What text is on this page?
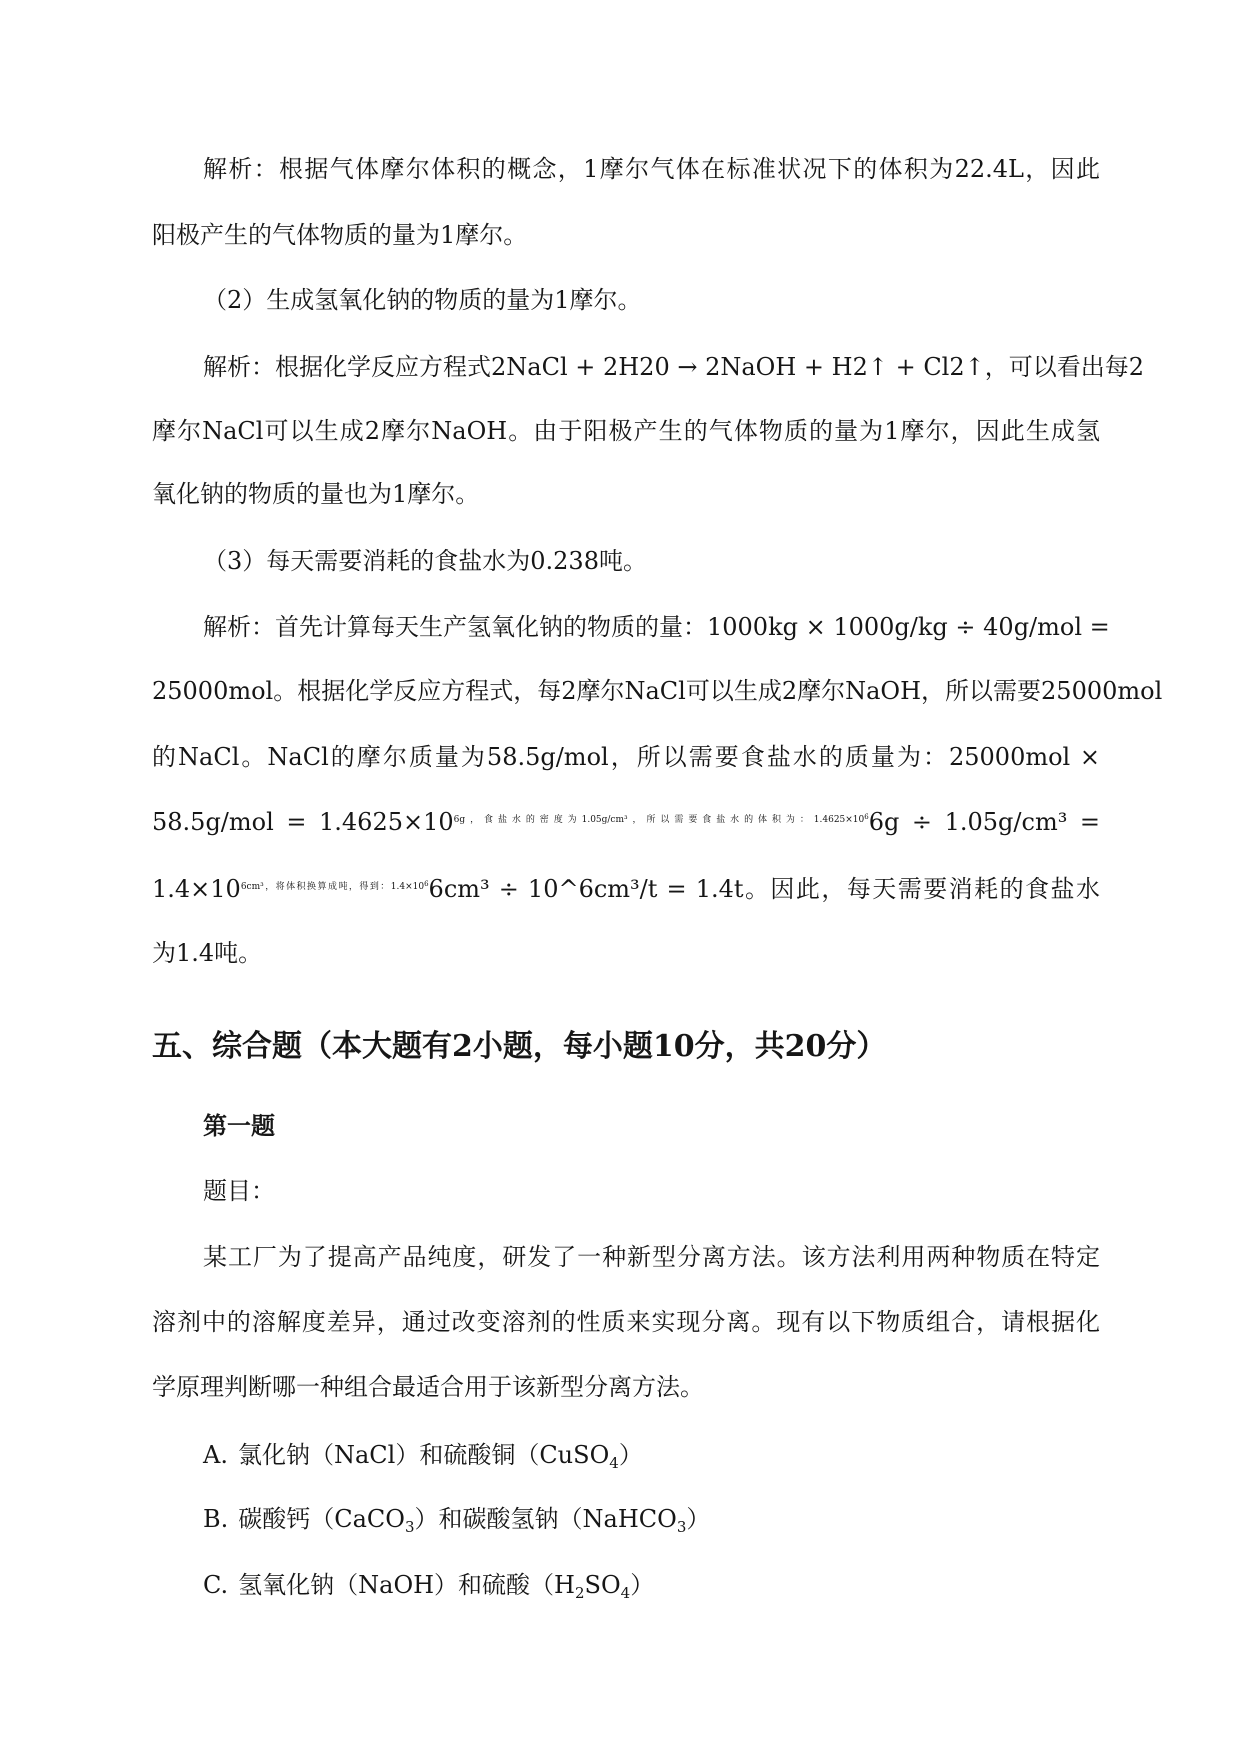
解析：根据气体摩尔体积的概念，1摩尔气体在标准状况下的体积为22.4L，因此
阳极产生的气体物质的量为1摩尔。
（2）生成氢氧化钠的物质的量为1摩尔。
解析：根据化学反应方程式2NaCl + 2H20 → 2NaOH + H2↑ + Cl2↑，可以看出每2
摩尔NaCl可以生成2摩尔NaOH。由于阳极产生的气体物质的量为1摩尔，因此生成氢
氧化钠的物质的量也为1摩尔。
（3）每天需要消耗的食盐水为0.238吨。
解析：首先计算每天生产氢氧化钠的物质的量：1000kg × 1000g/kg ÷ 40g/mol =
25000mol。根据化学反应方程式，每2摩尔NaCl可以生成2摩尔NaOH，所以需要25000mol
的NaCl。NaCl的摩尔质量为58.5g/mol，所以需要食盐水的质量为：25000mol ×
$58.5g/mol = 1.4625\times 10^{6g,食盐水的密度为1.05g/cm^3,所以需要食盐水的体积为:1.4625\times 10^6}6g \div 1.05g/cm^3$ =
$1.4\times 10^{6cm^3,将体积换算成吨,得到:1.4\times 10^6}6cm^3$ ÷ 10^6cm³/t = 1.4t。因此，每天需要消耗的食盐水
为1.4吨。
五、综合题（本大题有2小题，每小题10分，共20分）
第一题
题目：
某工厂为了提高产品纯度，研发了一种新型分离方法。该方法利用两种物质在特定
溶剂中的溶解度差异，通过改变溶剂的性质来实现分离。现有以下物质组合，请根据化
学原理判断哪一种组合最适合用于该新型分离方法。
A. 氯化钠（NaCl）和硫酸铜（CuSO$_4$）
B. 碳酸钙（CaCO$_3$）和碳酸氢钠（NaHCO$_3$）
C. 氢氧化钠（NaOH）和硫酸$(H_2SO_4)$
